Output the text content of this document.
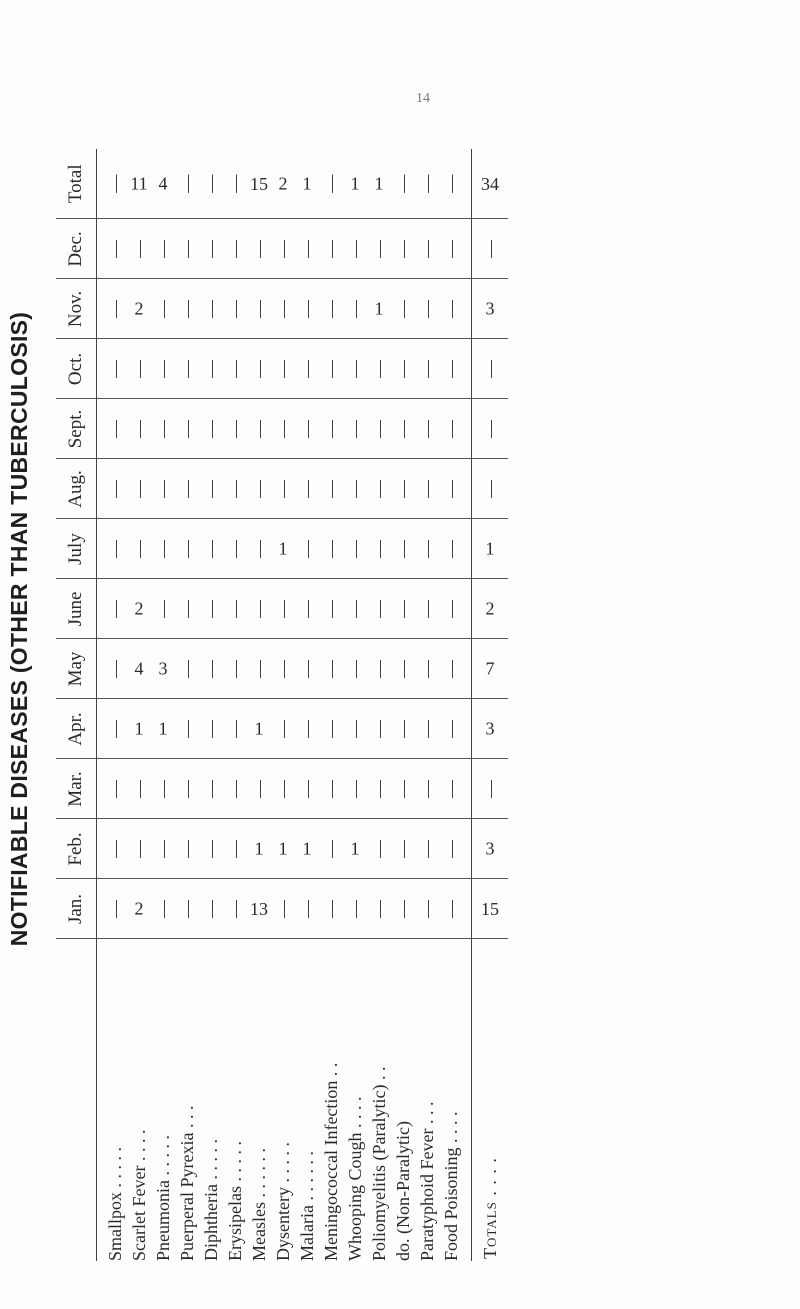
14
NOTIFIABLE DISEASES (OTHER THAN TUBERCULOSIS)
	Jan.	Feb.	Mar.	Apr.	May	June	July	Aug.	Sept.	Oct.	Nov.	Dec.	Total
Smallpox . . . . .	—	—	—	—	—	—	—	—	—	—	—	—	—
Scarlet Fever . . . .	2	—	—	1	4	2	—	—	—	—	2	—	11
Pneumonia . . . . .	—	—	—	1	3	—	—	—	—	—	—	—	4
Puerperal Pyrexia . . .	—	—	—	—	—	—	—	—	—	—	—	—	—
Diphtheria . . . . .	—	—	—	—	—	—	—	—	—	—	—	—	—
Erysipelas . . . . .	—	—	—	—	—	—	—	—	—	—	—	—	—
Measles . . . . . .	13	1	—	1	—	—	—	—	—	—	—	—	15
Dysentery . . . . .	—	1	—	—	—	—	1	—	—	—	—	—	2
Malaria . . . . . .	—	1	—	—	—	—	—	—	—	—	—	—	1
Meningococcal Infection . .	—	—	—	—	—	—	—	—	—	—	—	—	—
Whooping Cough . . . .	—	1	—	—	—	—	—	—	—	—	—	—	1
Poliomyelitis (Paralytic) . .	—	—	—	—	—	—	—	—	—	—	1	—	1
do. (Non-Paralytic)	—	—	—	—	—	—	—	—	—	—	—	—	—
Paratyphoid Fever . . .	—	—	—	—	—	—	—	—	—	—	—	—	—
Food Poisoning . . . .	—	—	—	—	—	—	—	—	—	—	—	—	—
Totals . . . .	15	3	—	3	7	2	1	—	—	—	3	—	34
